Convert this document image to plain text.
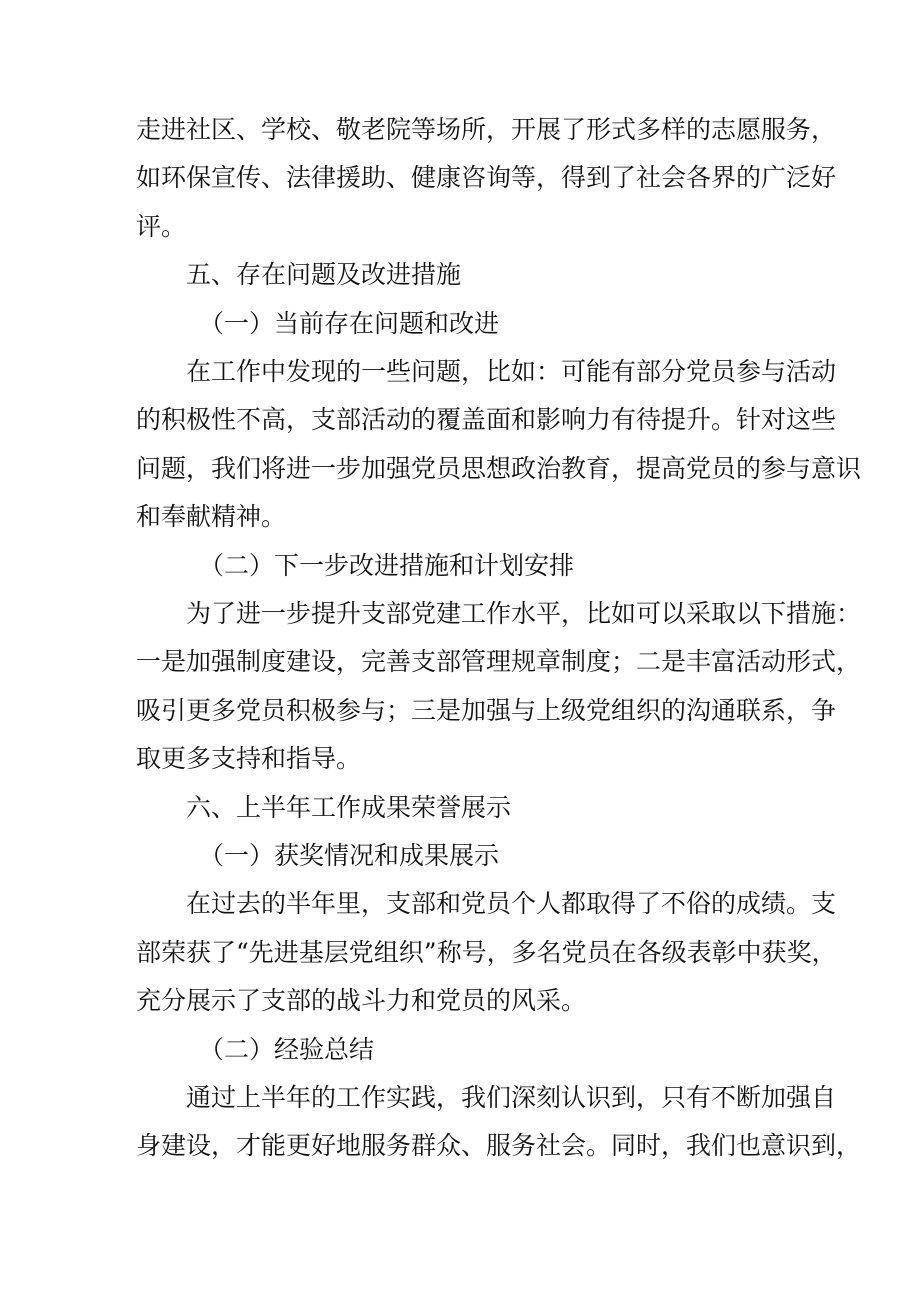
走进社区、学校、敬老院等场所，开展了形式多样的志愿服务，
如环保宣传、法律援助、健康咨询等，得到了社会各界的广泛好
评。
五、存在问题及改进措施
（一）当前存在问题和改进
在工作中发现的一些问题，比如：可能有部分党员参与活动
的积极性不高，支部活动的覆盖面和影响力有待提升。针对这些
问题，我们将进一步加强党员思想政治教育，提高党员的参与意识
和奉献精神。
（二）下一步改进措施和计划安排
为了进一步提升支部党建工作水平，比如可以采取以下措施：
一是加强制度建设，完善支部管理规章制度；二是丰富活动形式，
吸引更多党员积极参与；三是加强与上级党组织的沟通联系，争
取更多支持和指导。
六、上半年工作成果荣誉展示
（一）获奖情况和成果展示
在过去的半年里，支部和党员个人都取得了不俗的成绩。支
部荣获了“先进基层党组织”称号，多名党员在各级表彰中获奖，
充分展示了支部的战斗力和党员的风采。
（二）经验总结
通过上半年的工作实践，我们深刻认识到，只有不断加强自
身建设，才能更好地服务群众、服务社会。同时，我们也意识到，
